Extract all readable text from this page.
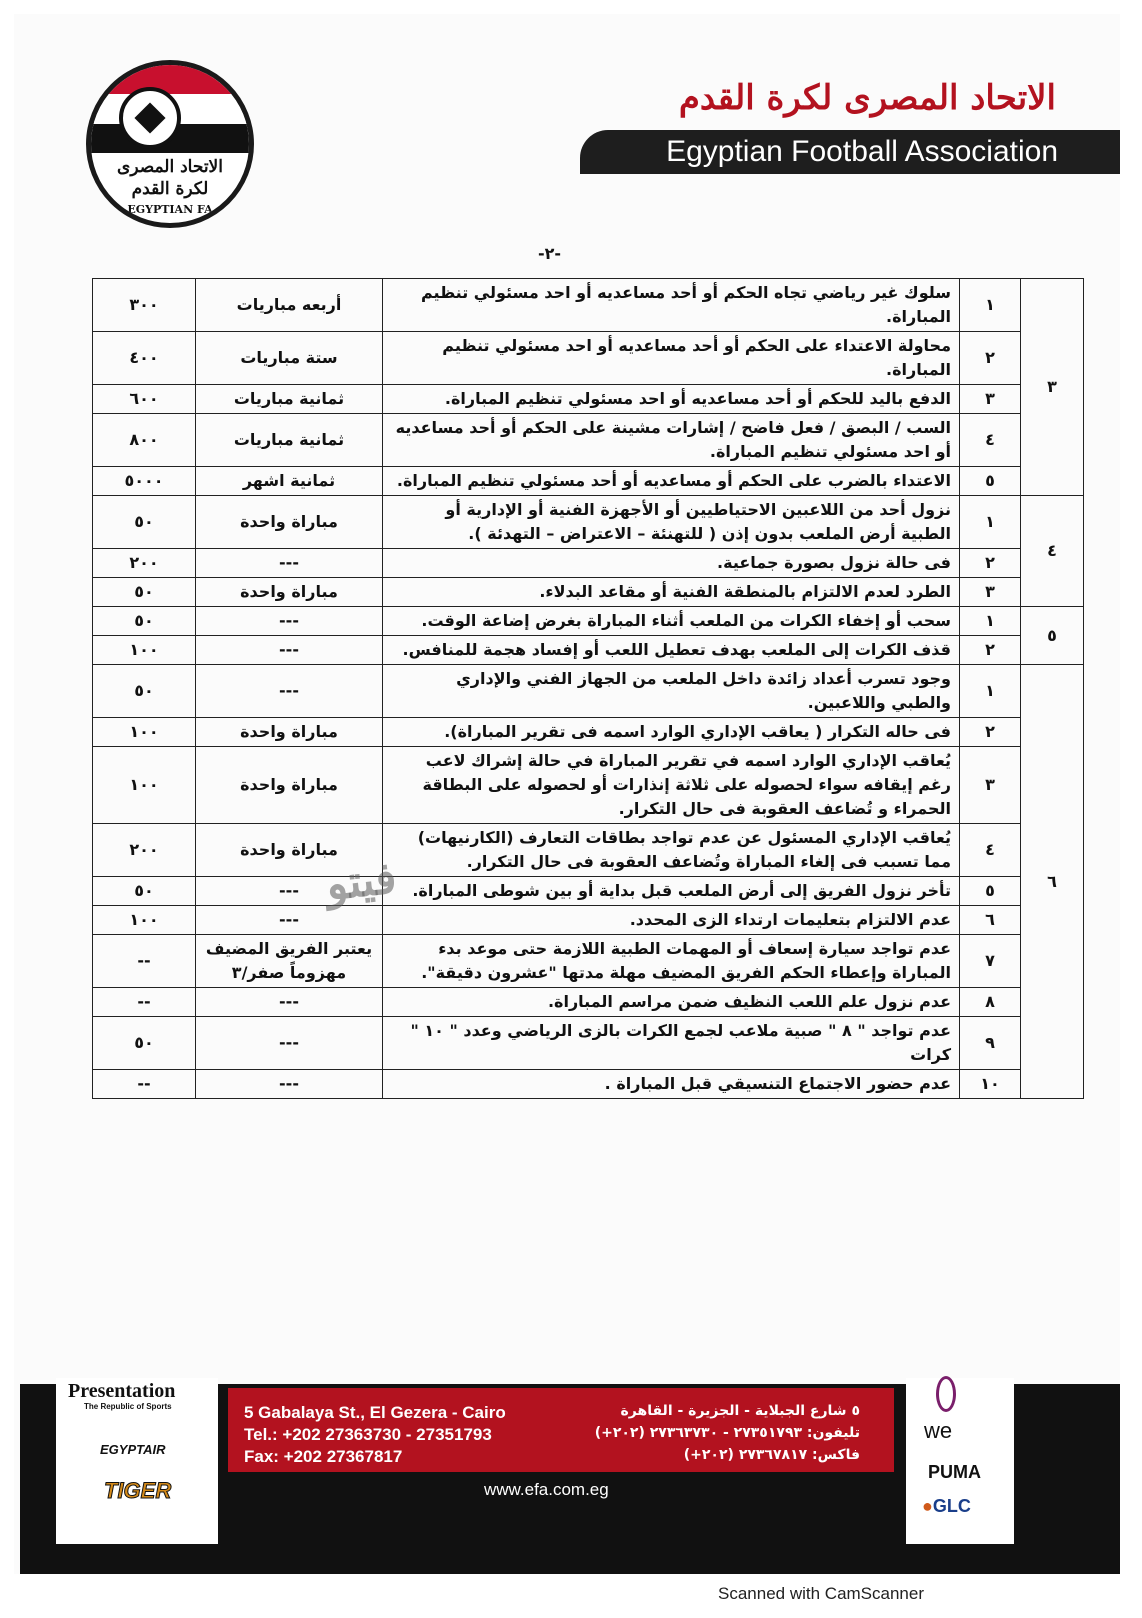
الاتحاد المصرى
لكرة القدم
EGYPTIAN FA
الاتحاد المصرى لكرة القدم
Egyptian Football Association
-٢-
٣	١	سلوك غير رياضي تجاه الحكم أو أحد مساعديه أو احد مسئولي تنظيم المباراة.	أربعه مباريات	٣٠٠
	٢	محاولة الاعتداء على الحكم أو أحد مساعديه أو احد مسئولي تنظيم المباراة.	ستة مباريات	٤٠٠
	٣	الدفع باليد للحكم أو أحد مساعديه أو احد مسئولي تنظيم المباراة.	ثمانية مباريات	٦٠٠
	٤	السب / البصق / فعل فاضح / إشارات مشينة على الحكم أو أحد مساعديه أو احد مسئولي تنظيم المباراة.	ثمانية مباريات	٨٠٠
	٥	الاعتداء بالضرب على الحكم أو مساعديه أو أحد مسئولي تنظيم المباراة.	ثمانية اشهر	٥٠٠٠
٤	١	نزول أحد من اللاعبين الاحتياطيين أو الأجهزة الفنية أو الإدارية أو الطبية أرض الملعب بدون إذن ( للتهنئة – الاعتراض – التهدئة ).	مباراة واحدة	٥٠
	٢	فى حالة نزول بصورة جماعية.	---	٢٠٠
	٣	الطرد لعدم الالتزام بالمنطقة الفنية أو مقاعد البدلاء.	مباراة واحدة	٥٠
٥	١	سحب أو إخفاء الكرات من الملعب أثناء المباراة بغرض إضاعة الوقت.	---	٥٠
	٢	قذف الكرات إلى الملعب بهدف تعطيل اللعب أو إفساد هجمة للمنافس.	---	١٠٠
٦	١	وجود تسرب أعداد زائدة داخل الملعب من الجهاز الفني والإداري والطبي واللاعبين.	---	٥٠
	٢	فى حاله التكرار ( يعاقب الإداري الوارد اسمه فى تقرير المباراة).	مباراة واحدة	١٠٠
	٣	يُعاقب الإداري الوارد اسمه في تقرير المباراة في حالة إشراك لاعب رغم إيقافه سواء لحصوله على ثلاثة إنذارات أو لحصوله على البطاقة الحمراء و تُضاعف العقوبة فى حال التكرار.	مباراة واحدة	١٠٠
	٤	يُعاقب الإداري المسئول عن عدم تواجد بطاقات التعارف (الكارنيهات) مما تسبب فى إلغاء المباراة وتُضاعف العقوبة فى حال التكرار.	مباراة واحدة	٢٠٠
	٥	تأخر نزول الفريق إلى أرض الملعب قبل بداية أو بين شوطى المباراة.	---	٥٠
	٦	عدم الالتزام بتعليمات ارتداء الزى المحدد.	---	١٠٠
	٧	عدم تواجد سيارة إسعاف أو المهمات الطبية اللازمة حتى موعد بدء المباراة وإعطاء الحكم الفريق المضيف مهلة مدتها "عشرون دقيقة".	يعتبر الفريق المضيف مهزوماً صفر/٣	--
	٨	عدم نزول علم اللعب النظيف ضمن مراسم المباراة.	---	--
	٩	عدم تواجد " ٨ " صبية ملاعب لجمع الكرات بالزى الرياضي وعدد " ١٠ " كرات	---	٥٠
	١٠	عدم حضور الاجتماع التنسيقي قبل المباراة .	---	--
فيتو
5 Gabalaya St., El Gezera - Cairo
Tel.: +202 27363730 - 27351793
Fax: +202 27367817
٥ شارع الجبلاية - الجزيرة - القاهرة
تليفون: ٢٧٣٥١٧٩٣ - ٢٧٣٦٣٧٣٠ (٢٠٢+)
فاكس: ٢٧٣٦٧٨١٧ (٢٠٢+)
www.efa.com.eg
Presentation
The Republic of Sports
EGYPTAIR
TIGER
we
PUMA
●GLC
Scanned with CamScanner
